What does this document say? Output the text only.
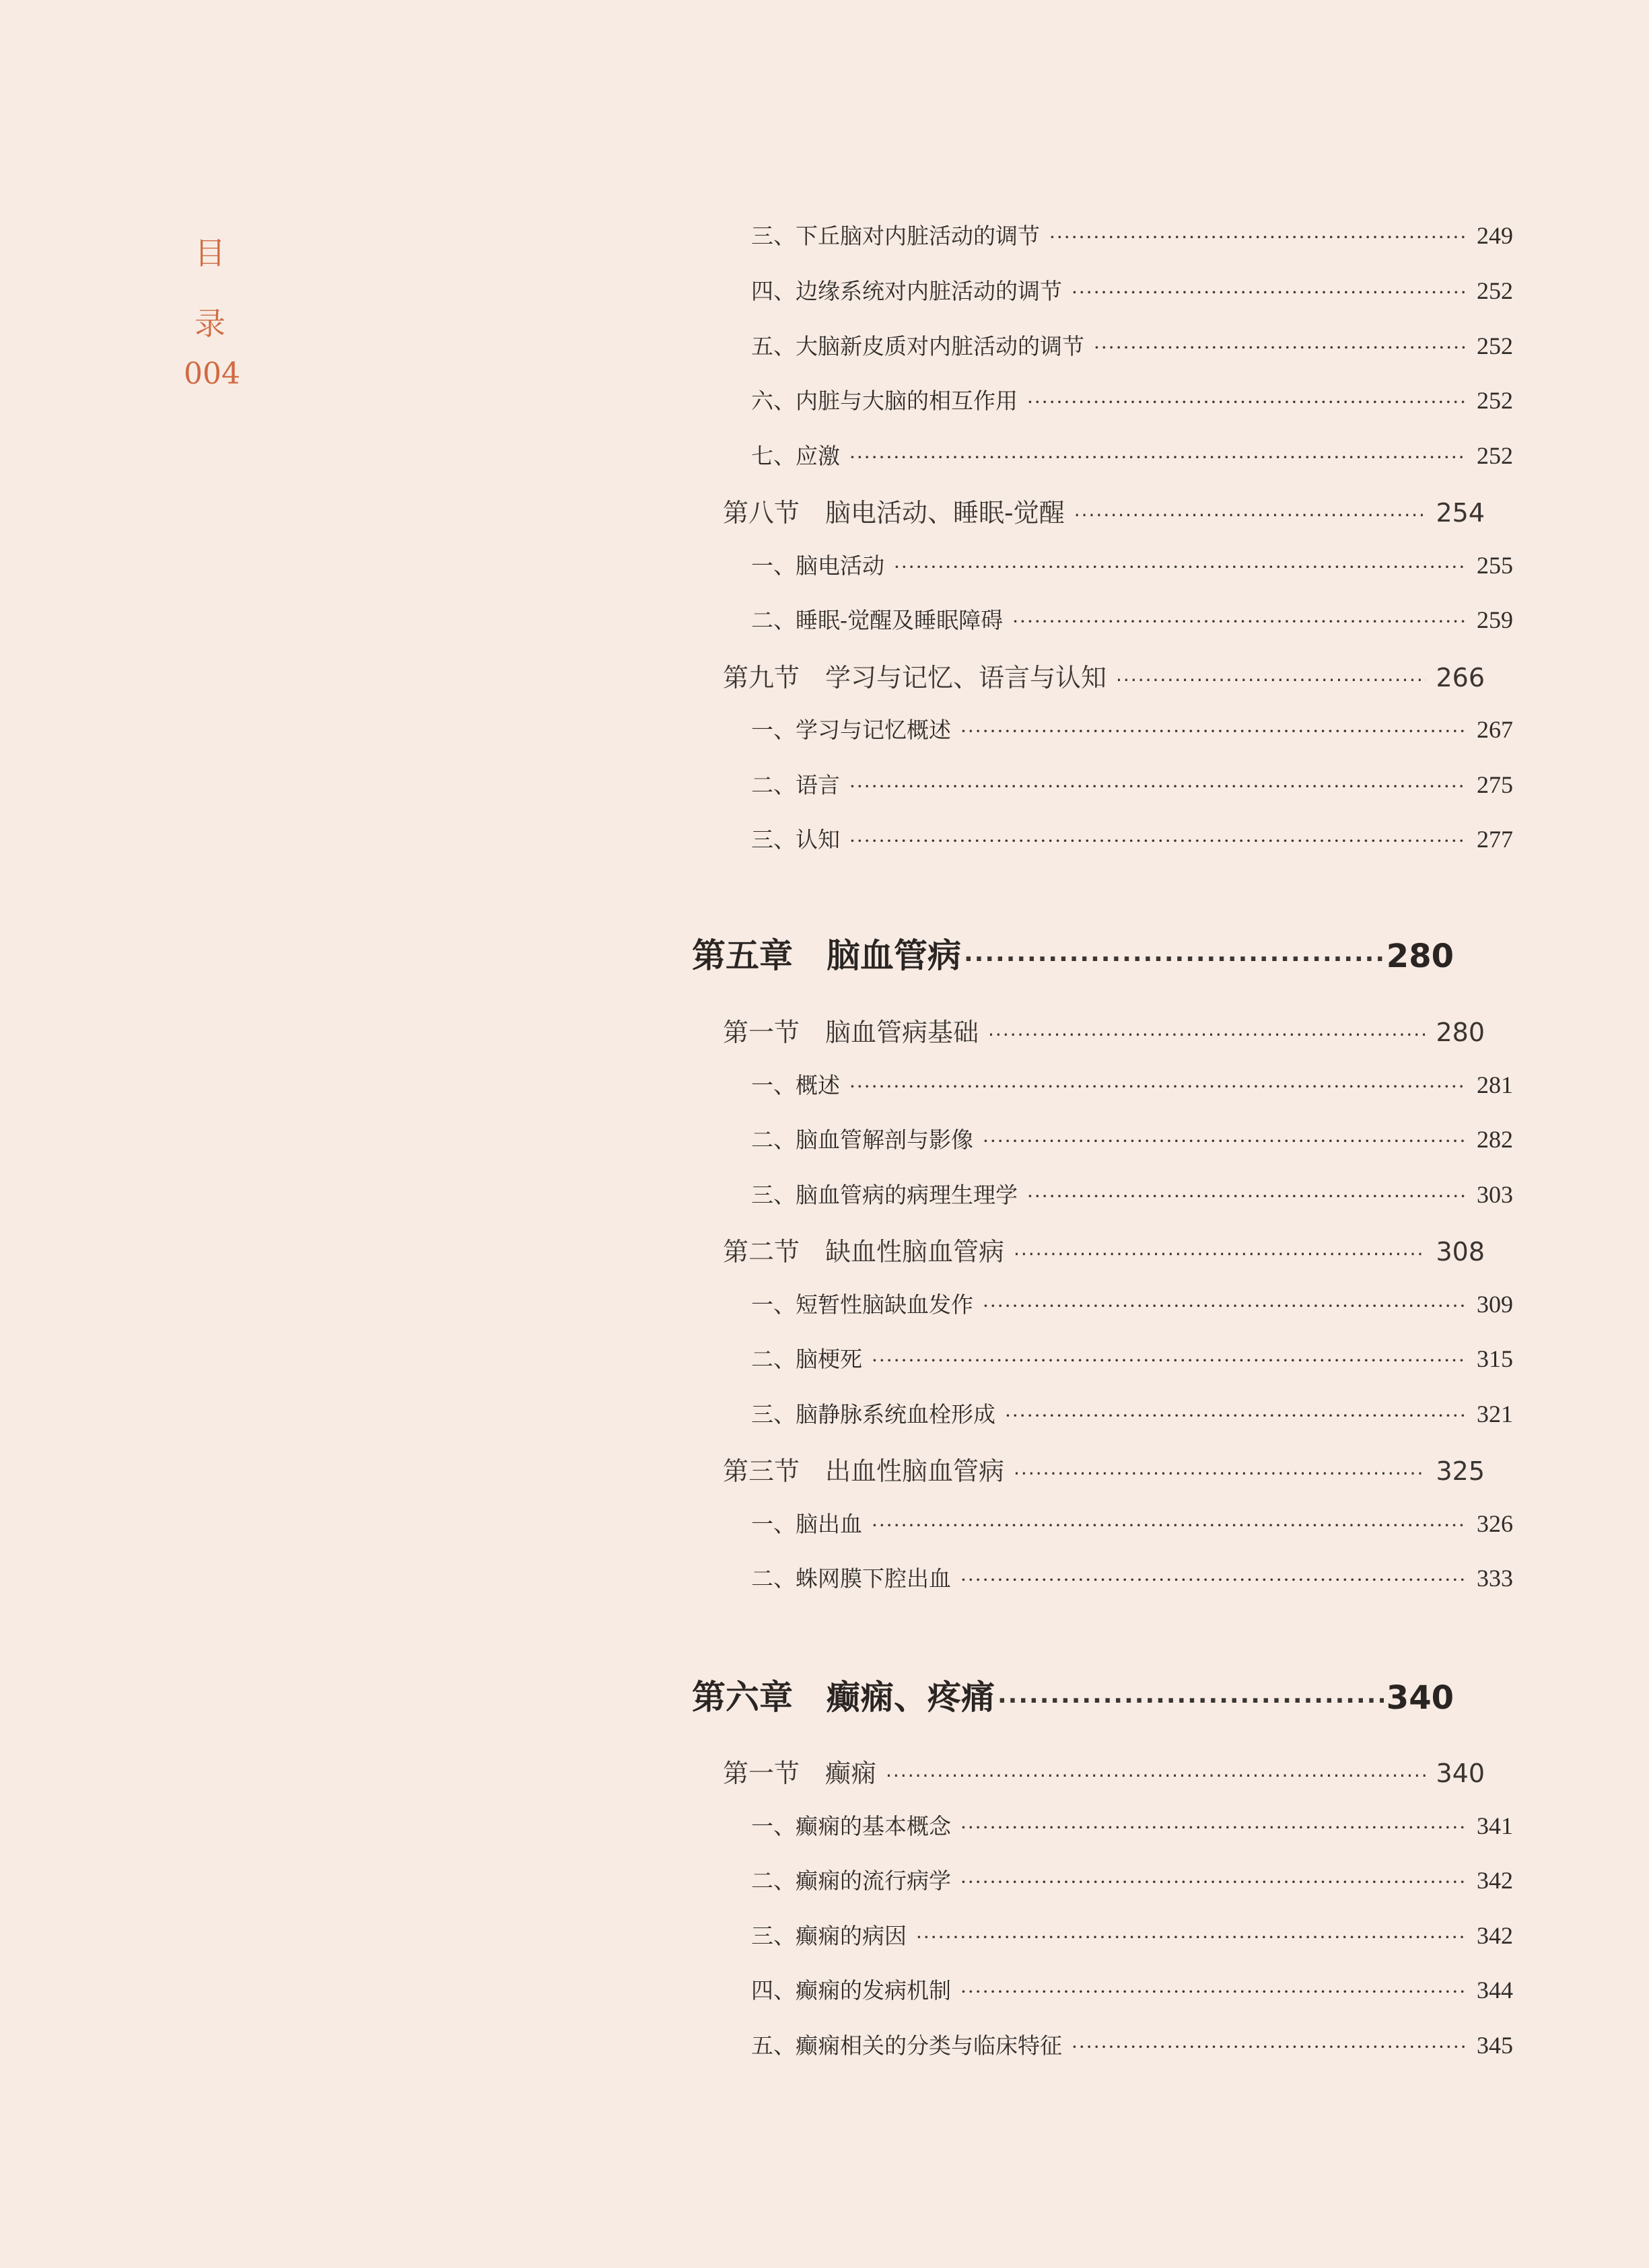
目
录
004
三、下丘脑对内脏活动的调节 ·····	249
四、边缘系统对内脏活动的调节 ·····	252
五、大脑新皮质对内脏活动的调节 ·····	252
六、内脏与大脑的相互作用 ·····	252
七、应激 ·····	252
第八节　脑电活动、睡眠-觉醒 ·····	254
一、脑电活动 ·····	255
二、睡眠-觉醒及睡眠障碍 ·····	259
第九节　学习与记忆、语言与认知 ·····	266
一、学习与记忆概述 ·····	267
二、语言 ·····	275
三、认知 ·····	277
第五章　脑血管病 ·····	280
第一节　脑血管病基础 ·····	280
一、概述 ·····	281
二、脑血管解剖与影像 ·····	282
三、脑血管病的病理生理学 ·····	303
第二节　缺血性脑血管病 ·····	308
一、短暂性脑缺血发作 ·····	309
二、脑梗死 ·····	315
三、脑静脉系统血栓形成 ·····	321
第三节　出血性脑血管病 ·····	325
一、脑出血 ·····	326
二、蛛网膜下腔出血 ·····	333
第六章　癫痫、疼痛 ·····	340
第一节　癫痫 ·····	340
一、癫痫的基本概念 ·····	341
二、癫痫的流行病学 ·····	342
三、癫痫的病因 ·····	342
四、癫痫的发病机制 ·····	344
五、癫痫相关的分类与临床特征 ·····	345
